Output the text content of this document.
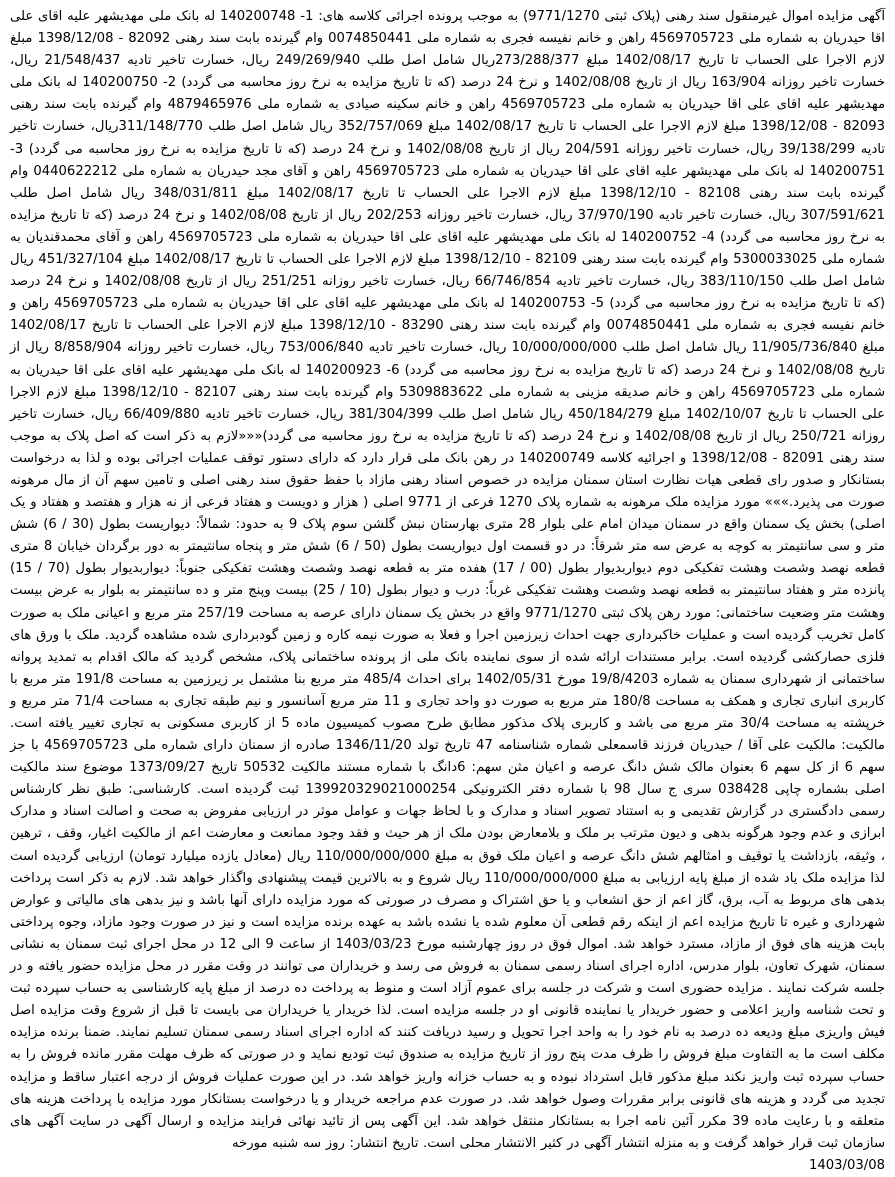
آگهی مزایده اموال غیرمنقول سند رهنی (پلاک ثبتی 9771/1270) به موجب پرونده اجرائی کلاسه های: 1- 140200748 له بانک ملی مهدیشهر علیه اقای علی اقا حیدریان به شماره ملی 4569705723 راهن و خانم نفیسه فجری به شماره ملی 0074850441 وام گیرنده بابت سند رهنی 82092 - 1398/12/08 مبلغ لازم الاجرا علی الحساب تا تاریخ 1402/08/17 مبلغ 273/288/377ریال شامل اصل طلب 249/269/940 ریال، خسارت تاخیر تادیه 21/548/437 ریال، خسارت تاخیر روزانه 163/904 ریال از تاریخ 1402/08/08 و نرخ 24 درصد (که تا تاریخ مزایده به نرخ روز محاسبه می گردد) 2- 140200750 له بانک ملی مهدیشهر علیه اقای علی اقا حیدریان به شماره ملی 4569705723 راهن و خانم سکینه صیادی به شماره ملی 4879465976 وام گیرنده بابت سند رهنی 82093 - 1398/12/08 مبلغ لازم الاجرا علی الحساب تا تاریخ 1402/08/17 مبلغ 352/757/069 ریال شامل اصل طلب 311/148/770ریال، خسارت تاخیر تادیه 39/138/299 ریال، خسارت تاخیر روزانه 204/591 ریال از تاریخ 1402/08/08 و نرخ 24 درصد (که تا تاریخ مزایده به نرخ روز محاسبه می گردد) 3- 140200751 له بانک ملی مهدیشهر علیه اقای علی اقا حیدریان به شماره ملی 4569705723 راهن و آقای مجد حیدریان به شماره ملی 0440622212 وام گیرنده بابت سند رهنی 82108 - 1398/12/10 مبلغ لازم الاجرا علی الحساب تا تاریخ 1402/08/17 مبلغ 348/031/811 ریال شامل اصل طلب 307/591/621 ریال، خسارت تاخیر تادیه 37/970/190 ریال، خسارت تاخیر روزانه 202/253 ریال از تاریخ 1402/08/08 و نرخ 24 درصد (که تا تاریخ مزایده به نرخ روز محاسبه می گردد) 4- 140200752 له بانک ملی مهدیشهر علیه اقای علی اقا حیدریان به شماره ملی 4569705723 راهن و آقای محمدقندیان به شماره ملی 5300033025 وام گیرنده بابت سند رهنی 82109 - 1398/12/10 مبلغ لازم الاجرا علی الحساب تا تاریخ 1402/08/17 مبلغ 451/327/104 ریال شامل اصل طلب 383/110/150 ریال، خسارت تاخیر تادیه 66/746/854 ریال، خسارت تاخیر روزانه 251/251 ریال از تاریخ 1402/08/08 و نرخ 24 درصد (که تا تاریخ مزایده به نرخ روز محاسبه می گردد) 5- 140200753 له بانک ملی مهدیشهر علیه اقای علی اقا حیدریان به شماره ملی 4569705723 راهن و خانم نفیسه فجری به شماره ملی 0074850441 وام گیرنده بابت سند رهنی 83290 - 1398/12/10 مبلغ لازم الاجرا علی الحساب تا تاریخ 1402/08/17 مبلغ 11/905/736/840 ریال شامل اصل طلب 10/000/000/000 ریال، خسارت تاخیر تادیه 753/006/840 ریال، خسارت تاخیر روزانه 8/858/904 ریال از تاریخ 1402/08/08 و نرخ 24 درصد (که تا تاریخ مزایده به نرخ روز محاسبه می گردد) 6- 140200923 له بانک ملی مهدیشهر علیه اقای علی اقا حیدریان به شماره ملی 4569705723 راهن و خانم صدیقه مزینی به شماره ملی 5309883622 وام گیرنده بابت سند رهنی 82107 - 1398/12/10 مبلغ لازم الاجرا علی الحساب تا تاریخ 1402/10/07 مبلغ 450/184/279 ریال شامل اصل طلب 381/304/399 ریال، خسارت تاخیر تادیه 66/409/880 ریال، خسارت تاخیر روزانه 250/721 ریال از تاریخ 1402/08/08 و نرخ 24 درصد (که تا تاریخ مزایده به نرخ روز محاسبه می گردد)«««لازم به ذکر است که اصل پلاک به موجب سند رهنی 82091 - 1398/12/08 و اجرائیه کلاسه 140200749 در رهن بانک ملی قرار دارد که دارای دستور توقف عملیات اجرائی بوده و لذا به درخواست بستانکار و صدور رای قطعی هیات نظارت استان سمنان مزایده در خصوص اسناد رهنی مازاد با حفظ حقوق سند رهنی اصلی و تامین سهم آن از مال مرهونه صورت می پذیرد.»»» مورد مزایده ملک مرهونه به شماره پلاک 1270 فرعی از 9771 اصلی ( هزار و دویست و هفتاد فرعی از نه هزار و هفتصد و هفتاد و یک اصلی) بخش یک سمنان واقع در سمنان میدان امام علی بلوار 28 متری بهارستان نبش گلشن سوم پلاک 9 به حدود: شمالاً: دیواریست بطول (30 / 6) شش متر و سی سانتیمتر به کوچه به عرض سه متر شرقاً: در دو قسمت اول دیواریست بطول (50 / 6) شش متر و پنجاه سانتیمتر به دور برگردان خیابان 8 متری قطعه نهصد وشصت وهشت تفکیکی دوم دیواربدیوار بطول (00 / 17) هفده متر به قطعه نهصد وشصت وهشت تفکیکی جنوباً: دیواربدیوار بطول (70 / 15) پانزده متر و هفتاد سانتیمتر به قطعه نهصد وشصت وهشت تفکیکی غرباً: درب و دیوار بطول (10 / 25) بیست وپنج متر و ده سانتیمتر به بلوار به عرض بیست وهشت متر وضعیت ساختمانی: مورد رهن پلاک ثبتی 9771/1270 واقع در بخش یک سمنان دارای عرصه به مساحت 257/19 متر مربع و اعیانی ملک به صورت کامل تخریب گردیده است و عملیات خاکبرداری جهت احداث زیرزمین اجرا و فعلا به صورت نیمه کاره و زمین گودبرداری شده مشاهده گردید. ملک با ورق های فلزی حصارکشی گردیده است. برابر مستندات ارائه شده از سوی نماینده بانک ملی از پرونده ساختمانی پلاک، مشخص گردید که مالک اقدام به تمدید پروانه ساختمانی از شهرداری سمنان به شماره 19/8/4203 مورخ 1402/05/31 برای احداث 485/4 متر مربع بنا مشتمل بر زیرزمین به مساحت 191/8 متر مربع با کاربری انباری تجاری و همکف به مساحت 180/8 متر مربع به صورت دو واحد تجاری و 11 متر مربع آسانسور و نیم طبقه تجاری به مساحت 71/4 متر مربع و خرپشته به مساحت 30/4 متر مربع می باشد و کاربری پلاک مذکور مطابق طرح مصوب کمیسیون ماده 5 از کاربری مسکونی به تجاری تغییر یافته است. مالکیت: مالکیت علی آقا / حیدریان فرزند قاسمعلی شماره شناسنامه 47 تاریخ تولد 1346/11/20 صادره از سمنان دارای شماره ملی 4569705723 با جز سهم 6 از کل سهم 6 بعنوان مالک شش دانگ عرصه و اعیان مثن سهم: 6دانگ با شماره مستند مالکیت 50532 تاریخ 1373/09/27 موضوع سند مالکیت اصلی بشماره چاپی 038428 سری ج سال 98 با شماره دفتر الکترونیکی 139920329021000254 ثبت گردیده است. کارشناسی: طبق نظر کارشناس رسمی دادگستری در گزارش تقدیمی و به استناد تصویر اسناد و مدارک و با لحاظ جهات و عوامل موثر در ارزیابی مفروض به صحت و اصالت اسناد و مدارک ابرازی و عدم وجود هرگونه بدهی و دیون مترتب بر ملک و بلامعارض بودن ملک از هر حیث و فقد وجود ممانعت و معارضت اعم از مالکیت اغیار، وقف ، ترهین ، وثیقه، بازداشت یا توقیف و امثالهم شش دانگ عرصه و اعیان ملک فوق به مبلغ 110/000/000/000 ریال (معادل یازده میلیارد تومان) ارزیابی گردیده است لذا مزایده ملک یاد شده از مبلغ پایه ارزیابی به مبلغ 110/000/000/000 ریال شروع و به بالاترین قیمت پیشنهادی واگذار خواهد شد. لازم به ذکر است پرداخت بدهی های مربوط به آب، برق، گاز اعم از حق انشعاب و یا حق اشتراک و مصرف در صورتی که مورد مزایده دارای آنها باشد و نیز بدهی های مالیاتی و عوارض شهرداری و غیره تا تاریخ مزایده اعم از اینکه رقم قطعی آن معلوم شده یا نشده باشد به عهده برنده مزایده است و نیز در صورت وجود مازاد، وجوه پرداختی بابت هزینه های فوق از مازاد، مسترد خواهد شد. اموال فوق در روز چهارشنبه مورخ 1403/03/23 از ساعت 9 الی 12 در محل اجرای ثبت سمنان به نشانی سمنان، شهرک تعاون، بلوار مدرس، اداره اجرای اسناد رسمی سمنان به فروش می رسد و خریداران می توانند در وقت مقرر در محل مزایده حضور یافته و در جلسه شرکت نمایند . مزایده حضوری است و شرکت در جلسه برای عموم آزاد است و منوط به پرداخت ده درصد از مبلغ پایه کارشناسی به حساب سپرده ثبت و تحت شناسه واریز اعلامی و حضور خریدار یا نماینده قانونی او در جلسه مزایده است. لذا خریدار یا خریداران می بایست تا قبل از شروع وقت مزایده اصل فیش واریزی مبلغ ودیعه ده درصد به نام خود را به واحد اجرا تحویل و رسید دریافت کنند که اداره اجرای اسناد رسمی سمنان تسلیم نمایند. ضمنا برنده مزایده مکلف است ما به التفاوت مبلغ فروش را ظرف مدت پنج روز از تاریخ مزایده به صندوق ثبت تودیع نماید و در صورتی که ظرف مهلت مقرر مانده فروش را به حساب سپرده ثبت واریز نکند مبلغ مذکور قابل استرداد نبوده و به حساب خزانه واریز خواهد شد. در این صورت عملیات فروش از درجه اعتبار ساقط و مزایده تجدید می گردد و هزینه های قانونی برابر مقررات وصول خواهد شد. در صورت عدم مراجعه خریدار و یا درخواست بستانکار مورد مزایده با پرداخت هزینه های متعلقه و با رعایت ماده 39 مکرر آئین نامه اجرا به بستانکار منتقل خواهد شد. این آگهی پس از تائید نهائی فرایند مزایده و ارسال آگهی در سایت آگهی های سازمان ثبت قرار خواهد گرفت و به منزله انتشار آگهی در کثیر الانتشار محلی است. تاریخ انتشار: روز سه شنبه مورخه

1403/03/08
